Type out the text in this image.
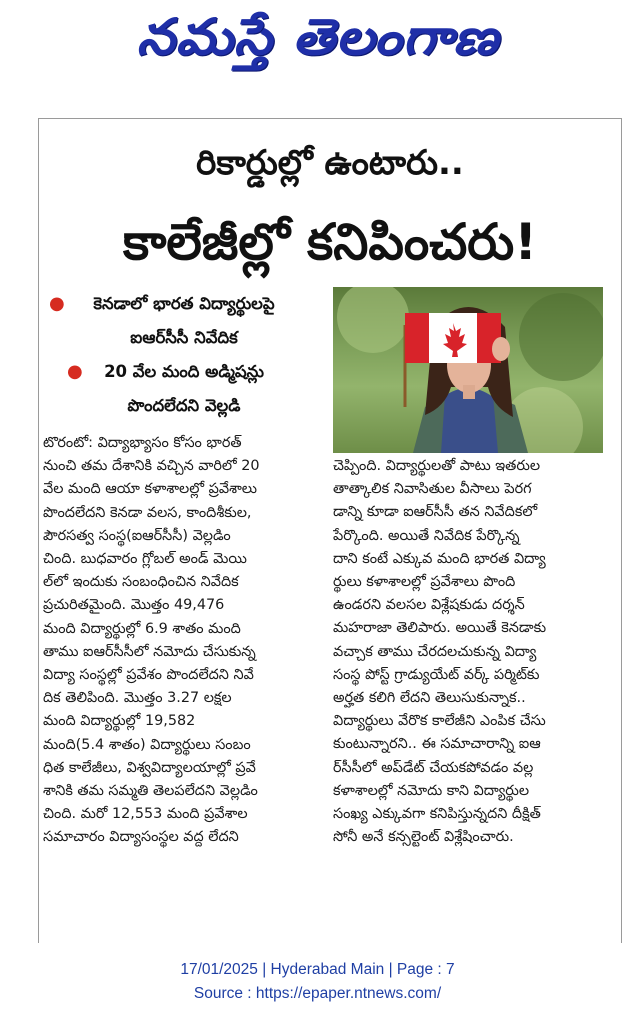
నమస్తే తెలంగాణ
రికార్డుల్లో ఉంటారు..
కాలేజీల్లో కనిపించరు!
●	కెనడాలో భారత విద్యార్థులపై
ఐఆర్‌సీసీ నివేదిక
●	20 వేల మంది అడ్మిషన్లు
పొందలేదని వెల్లడి
టొరంటో: విద్యాభ్యాసం కోసం భారత్
నుంచి తమ దేశానికి వచ్చిన వారిలో 20
వేల మంది ఆయా కళాశాలల్లో ప్రవేశాలు
పొందలేదని కెనడా వలస, కాందిశీకుల,
పౌరసత్వ సంస్థ(ఐఆర్‌సీసీ) వెల్లడిం
చింది. బుధవారం గ్లోబల్ అండ్ మెయి
ల్‌లో ఇందుకు సంబంధించిన నివేదిక
ప్రచురితమైంది. మొత్తం 49,476
మంది విద్యార్థుల్లో 6.9 శాతం మంది
తాము ఐఆర్‌సీసీలో నమోదు చేసుకున్న
విద్యా సంస్థల్లో ప్రవేశం పొందలేదని నివే
దిక తెలిపింది. మొత్తం 3.27 లక్షల
మంది విద్యార్థుల్లో 19,582
మంది(5.4 శాతం) విద్యార్థులు సంబం
ధిత కాలేజీలు, విశ్వవిద్యాలయాల్లో ప్రవే
శానికి తమ సమ్మతి తెలపలేదని వెల్లడిం
చింది. మరో 12,553 మంది ప్రవేశాల
సమాచారం విద్యాసంస్థల వద్ద లేదని
చెప్పింది. విద్యార్థులతో పాటు ఇతరుల
తాత్కాలిక నివాసితుల వీసాలు పెరగ
డాన్ని కూడా ఐఆర్‌సీసీ తన నివేదికలో
పేర్కొంది. అయితే నివేదిక పేర్కొన్న
దాని కంటే ఎక్కువ మంది భారత విద్యా
ర్థులు కళాశాలల్లో ప్రవేశాలు పొంది
ఉండరని వలసల విశ్లేషకుడు దర్శన్
మహరాజా తెలిపారు. అయితే కెనడాకు
వచ్చాక తాము చేరదలచుకున్న విద్యా
సంస్థ పోస్ట్ గ్రాడ్యుయేట్ వర్క్ పర్మిట్‌కు
అర్హత కలిగి లేదని తెలుసుకున్నాక..
విద్యార్థులు వేరొక కాలేజీని ఎంపిక చేసు
కుంటున్నారని.. ఈ సమాచారాన్ని ఐఆ
ర్‌సీసీలో అప్‌డేట్ చేయకపోవడం వల్ల
కళాశాలల్లో నమోదు కాని విద్యార్థుల
సంఖ్య ఎక్కువగా కనిపిస్తున్నదని దీక్షిత్
సోనీ అనే కన్సల్టెంట్ విశ్లేషించారు.
17/01/2025 | Hyderabad Main | Page : 7
Source : https://epaper.ntnews.com/
